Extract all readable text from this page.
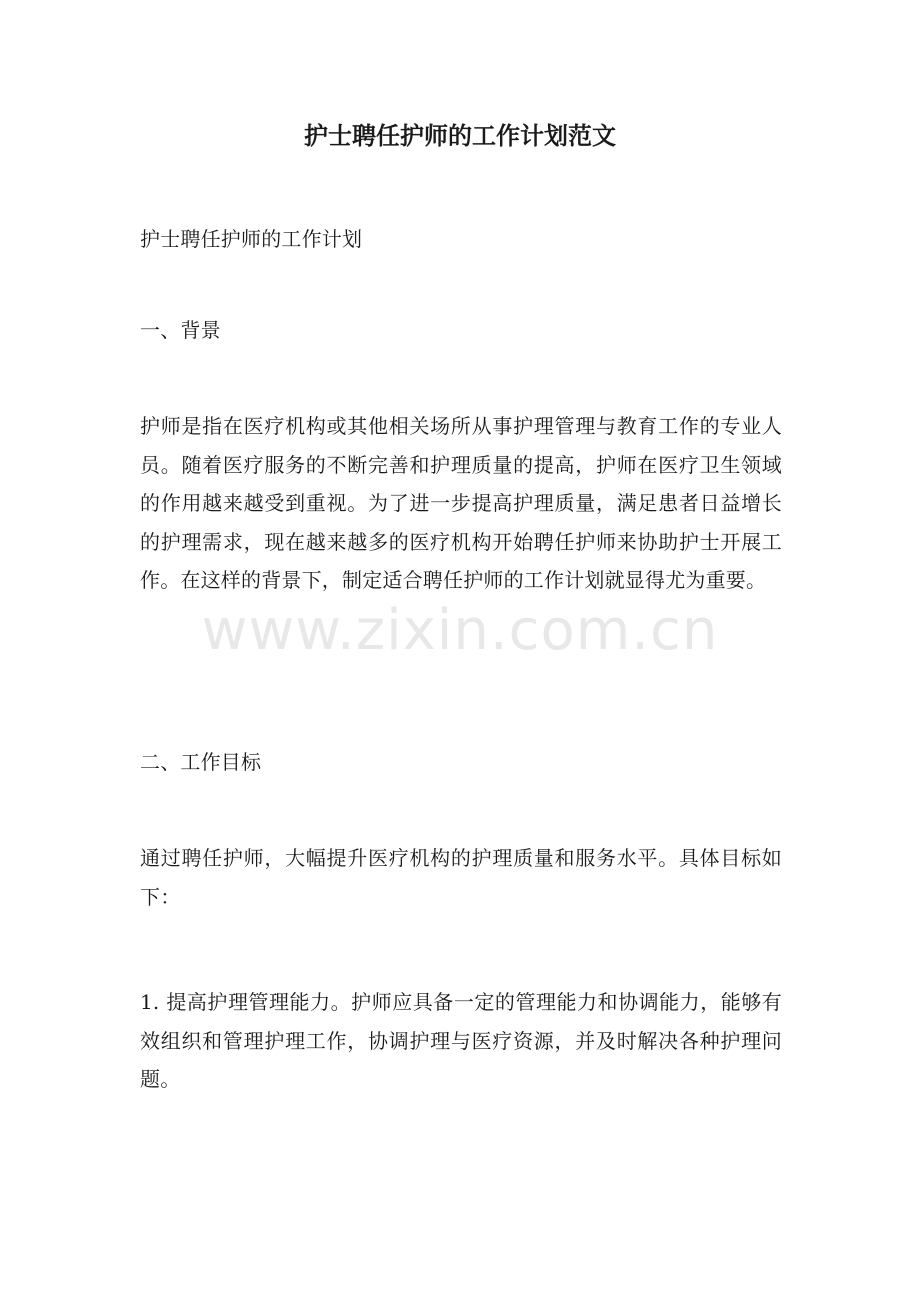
护士聘任护师的工作计划范文

护士聘任护师的工作计划

一、背景

护师是指在医疗机构或其他相关场所从事护理管理与教育工作的专业人员。随着医疗服务的不断完善和护理质量的提高，护师在医疗卫生领域的作用越来越受到重视。为了进一步提高护理质量，满足患者日益增长的护理需求，现在越来越多的医疗机构开始聘任护师来协助护士开展工作。在这样的背景下，制定适合聘任护师的工作计划就显得尤为重要。

二、工作目标

通过聘任护师，大幅提升医疗机构的护理质量和服务水平。具体目标如下：

1. 提高护理管理能力。护师应具备一定的管理能力和协调能力，能够有效组织和管理护理工作，协调护理与医疗资源，并及时解决各种护理问题。

www.zixin.com.cn
